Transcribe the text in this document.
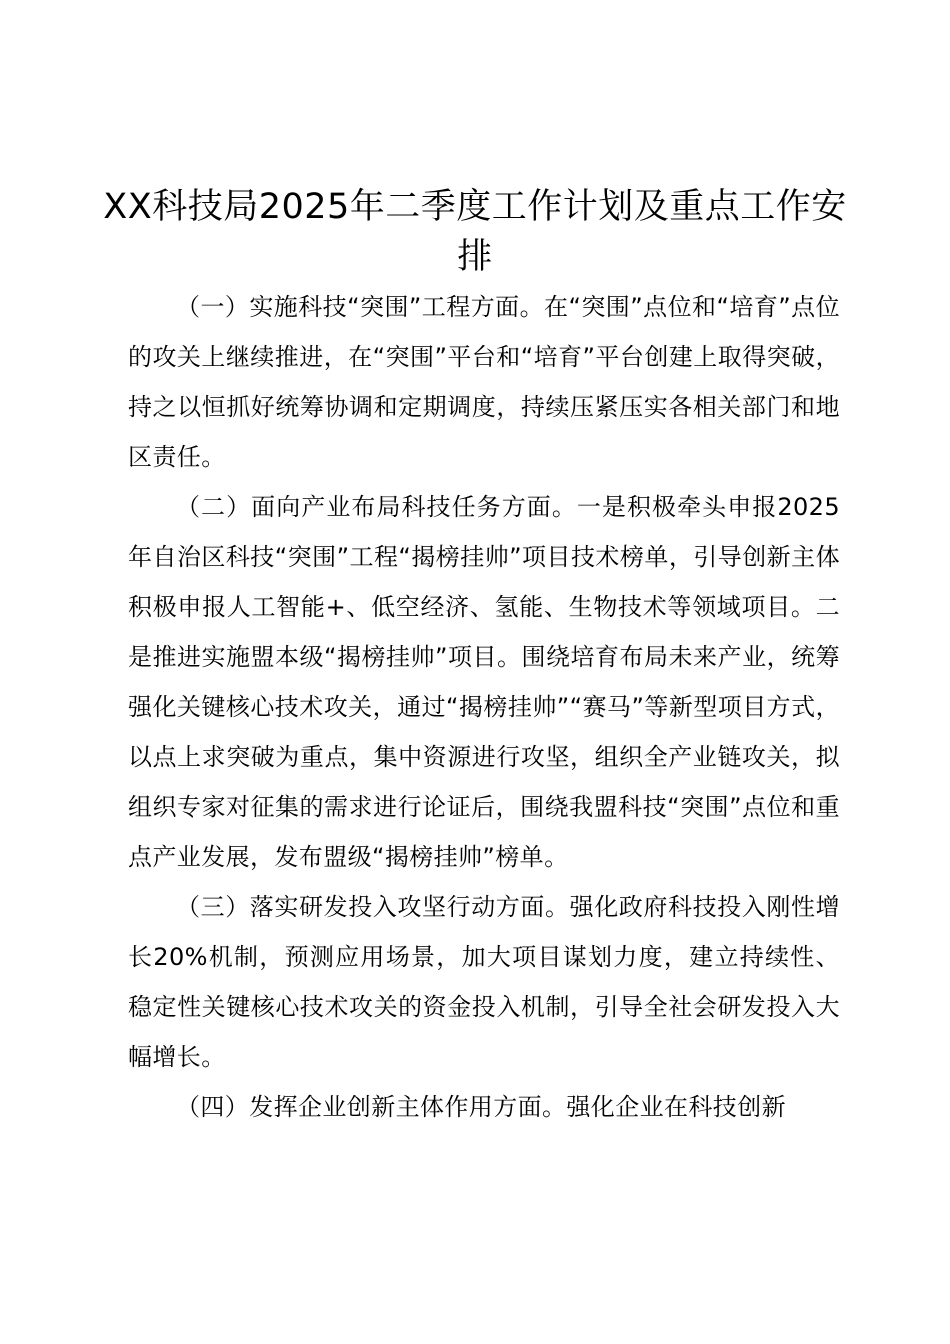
XX科技局2025年二季度工作计划及重点工作安排

（一）实施科技“突围”工程方面。在“突围”点位和“培育”点位的攻关上继续推进，在“突围”平台和“培育”平台创建上取得突破，持之以恒抓好统筹协调和定期调度，持续压紧压实各相关部门和地区责任。

（二）面向产业布局科技任务方面。一是积极牵头申报2025年自治区科技“突围”工程“揭榜挂帅”项目技术榜单，引导创新主体积极申报人工智能+、低空经济、氢能、生物技术等领域项目。二是推进实施盟本级“揭榜挂帅”项目。围绕培育布局未来产业，统筹强化关键核心技术攻关，通过“揭榜挂帅”“赛马”等新型项目方式，以点上求突破为重点，集中资源进行攻坚，组织全产业链攻关，拟组织专家对征集的需求进行论证后，围绕我盟科技“突围”点位和重点产业发展，发布盟级“揭榜挂帅”榜单。

（三）落实研发投入攻坚行动方面。强化政府科技投入刚性增长20%机制，预测应用场景，加大项目谋划力度，建立持续性、稳定性关键核心技术攻关的资金投入机制，引导全社会研发投入大幅增长。

（四）发挥企业创新主体作用方面。强化企业在科技创新
